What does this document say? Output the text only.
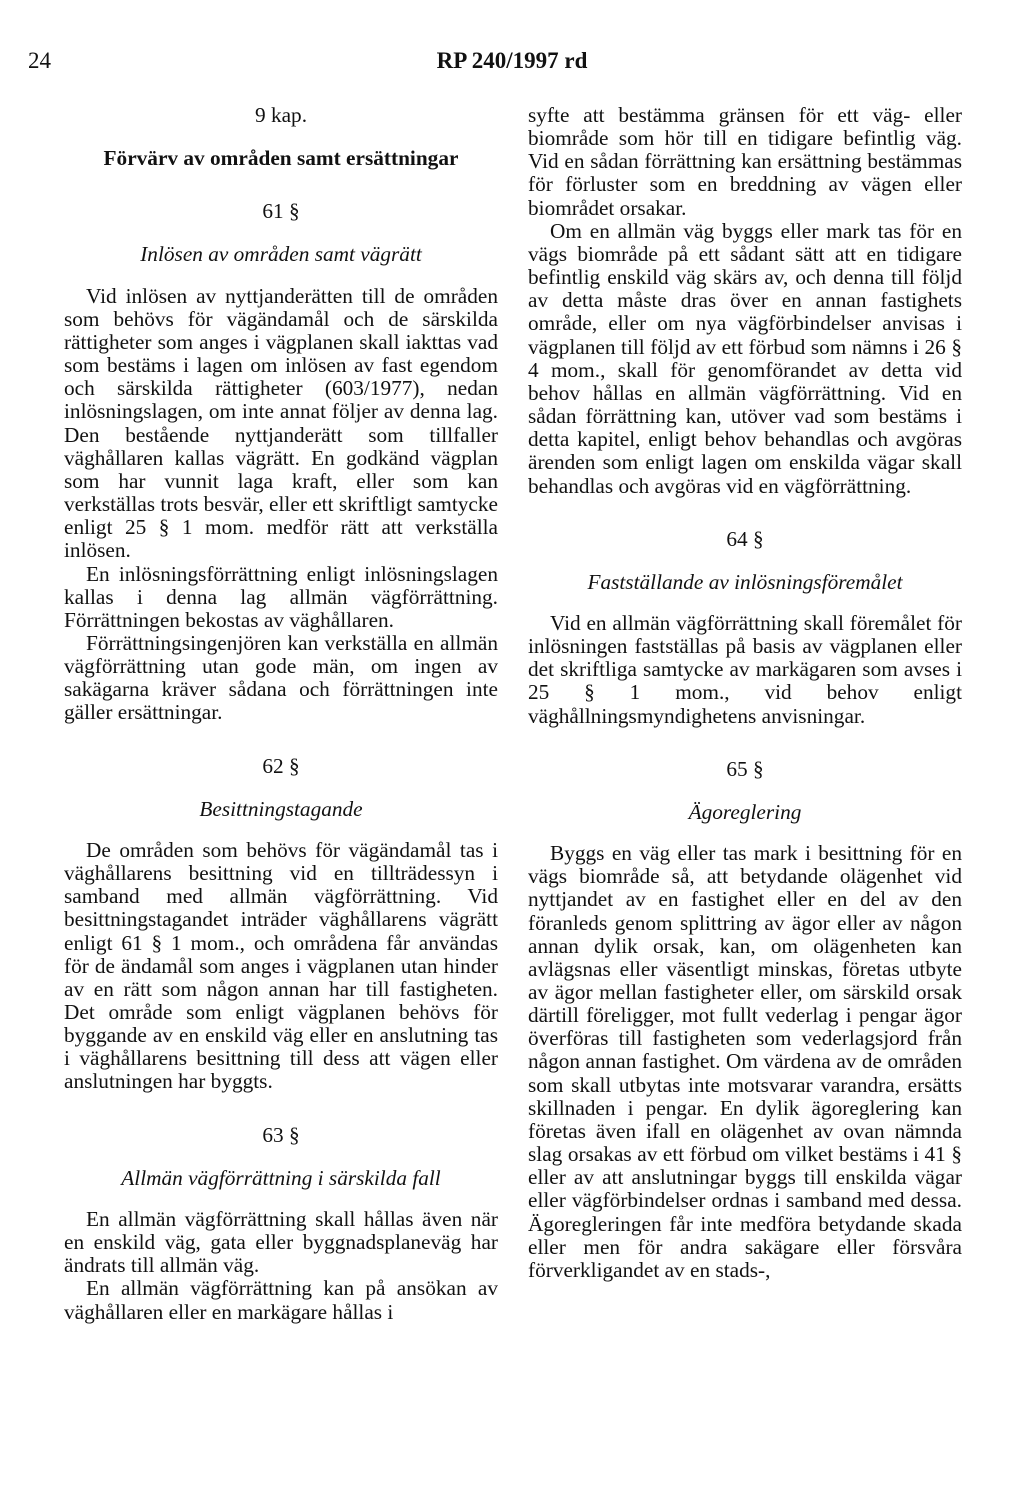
24	RP 240/1997 rd

9 kap.

Förvärv av områden samt ersättningar

61 §

Inlösen av områden samt vägrätt

Vid inlösen av nyttjanderätten till de områden som behövs för vägändamål och de särskilda rättigheter som anges i vägplanen skall iakttas vad som bestäms i lagen om inlösen av fast egendom och särskilda rättigheter (603/1977), nedan inlösningslagen, om inte annat följer av denna lag. Den bestående nyttjanderätt som tillfaller väghållaren kallas vägrätt. En godkänd vägplan som har vunnit laga kraft, eller som kan verkställas trots besvär, eller ett skriftligt samtycke enligt 25 § 1 mom. medför rätt att verkställa inlösen.

En inlösningsförrättning enligt inlösningslagen kallas i denna lag allmän vägförrättning. Förrättningen bekostas av väghållaren.

Förrättningsingenjören kan verkställa en allmän vägförrättning utan gode män, om ingen av sakägarna kräver sådana och förrättningen inte gäller ersättningar.

62 §

Besittningstagande

De områden som behövs för vägändamål tas i väghållarens besittning vid en tillträdessyn i samband med allmän vägförrättning. Vid besittningstagandet inträder väghållarens vägrätt enligt 61 § 1 mom., och områdena får användas för de ändamål som anges i vägplanen utan hinder av en rätt som någon annan har till fastigheten. Det område som enligt vägplanen behövs för byggande av en enskild väg eller en anslutning tas i väghållarens besittning till dess att vägen eller anslutningen har byggts.

63 §

Allmän vägförrättning i särskilda fall

En allmän vägförrättning skall hållas även när en enskild väg, gata eller byggnadsplaneväg har ändrats till allmän väg.

En allmän vägförrättning kan på ansökan av väghållaren eller en markägare hållas i

syfte att bestämma gränsen för ett väg- eller biområde som hör till en tidigare befintlig väg. Vid en sådan förrättning kan ersättning bestämmas för förluster som en breddning av vägen eller biområdet orsakar.

Om en allmän väg byggs eller mark tas för en vägs biområde på ett sådant sätt att en tidigare befintlig enskild väg skärs av, och denna till följd av detta måste dras över en annan fastighets område, eller om nya vägförbindelser anvisas i vägplanen till följd av ett förbud som nämns i 26 § 4 mom., skall för genomförandet av detta vid behov hållas en allmän vägförrättning. Vid en sådan förrättning kan, utöver vad som bestäms i detta kapitel, enligt behov behandlas och avgöras ärenden som enligt lagen om enskilda vägar skall behandlas och avgöras vid en vägförrättning.

64 §

Fastställande av inlösningsföremålet

Vid en allmän vägförrättning skall föremålet för inlösningen fastställas på basis av vägplanen eller det skriftliga samtycke av markägaren som avses i 25 § 1 mom., vid behov enligt väghållningsmyndighetens anvisningar.

65 §

Ägoreglering

Byggs en väg eller tas mark i besittning för en vägs biområde så, att betydande olägenhet vid nyttjandet av en fastighet eller en del av den föranleds genom splittring av ägor eller av någon annan dylik orsak, kan, om olägenheten kan avlägsnas eller väsentligt minskas, företas utbyte av ägor mellan fastigheter eller, om särskild orsak därtill föreligger, mot fullt vederlag i pengar ägor överföras till fastigheten som vederlagsjord från någon annan fastighet. Om värdena av de områden som skall utbytas inte motsvarar varandra, ersätts skillnaden i pengar. En dylik ägoreglering kan företas även ifall en olägenhet av ovan nämnda slag orsakas av ett förbud om vilket bestäms i 41 § eller av att anslutningar byggs till enskilda vägar eller vägförbindelser ordnas i samband med dessa. Ägoregleringen får inte medföra betydande skada eller men för andra sakägare eller försvåra förverkligandet av en stads-,
